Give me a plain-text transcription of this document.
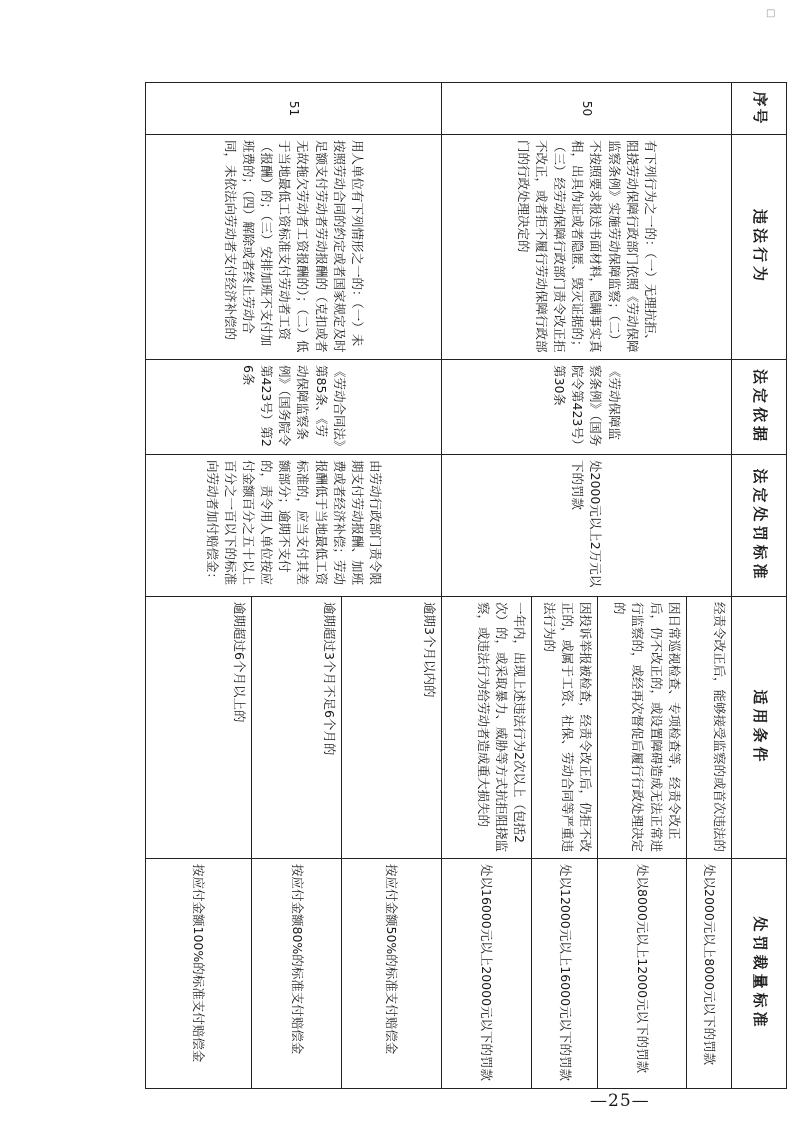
□
序号	违法行为	法定依据	法定处罚标准	适用条件	处罚裁量标准
50	有下列行为之一的：（一）无理抗拒、阻挠劳动保障行政部门依照《劳动保障监察条例》实施劳动保障监察；（二）不按照要求报送书面材料，隐瞒事实真相，出具伪证或者隐匿、毁灭证据的；（三）经劳动保障行政部门责令改正拒不改正，或者拒不履行劳动保障行政部门的行政处理决定的	《劳动保障监察条例》（国务院令第423号）第30条	处2000元以上2万元以下的罚款	经责令改正后，能够接受监察的或首次违法的	处以2000元以上8000元以下的罚款
				因日常巡视检查、专项检查等，经责令改正后，仍不改正的，或设置障碍造成无法正常进行监察的，或经再次督促后履行行政处理决定的	处以8000元以上12000元以下的罚款
				因投诉举报被检查，经责令改正后，仍拒不改正的，或属于工资、社保、劳动合同等严重违法行为的	处以12000元以上16000元以下的罚款
				一年内，出现上述违法行为2次以上（包括2次）的，或采取暴力、威胁等方式抗拒阻挠监察，或违法行为给劳动者造成重大损失的	处以16000元以上20000元以下的罚款
51	用人单位有下列情形之一的：（一）未按照劳动合同的约定或者国家规定及时足额支付劳动者劳动报酬的（克扣或者无故拖欠劳动者工资报酬的）；（二）低于当地最低工资标准支付劳动者工资（报酬）的；（三）安排加班不支付加班费的；（四）解除或者终止劳动合同，未依法向劳动者支付经济补偿的	《劳动合同法》第85条、《劳动保障监察条例》（国务院令第423号）第26条	由劳动行政部门责令限期支付劳动报酬、加班费或者经济补偿；劳动报酬低于当地最低工资标准的，应当支付其差额部分；逾期不支付的，责令用人单位按应付金额百分之五十以上百分之一百以下的标准向劳动者加付赔偿金：	逾期3个月以内的	按应付金额50%的标准支付赔偿金
				逾期超过3个月不足6个月的	按应付金额80%的标准支付赔偿金
				逾期超过6个月以上的	按应付金额100%的标准支付赔偿金
—25—
